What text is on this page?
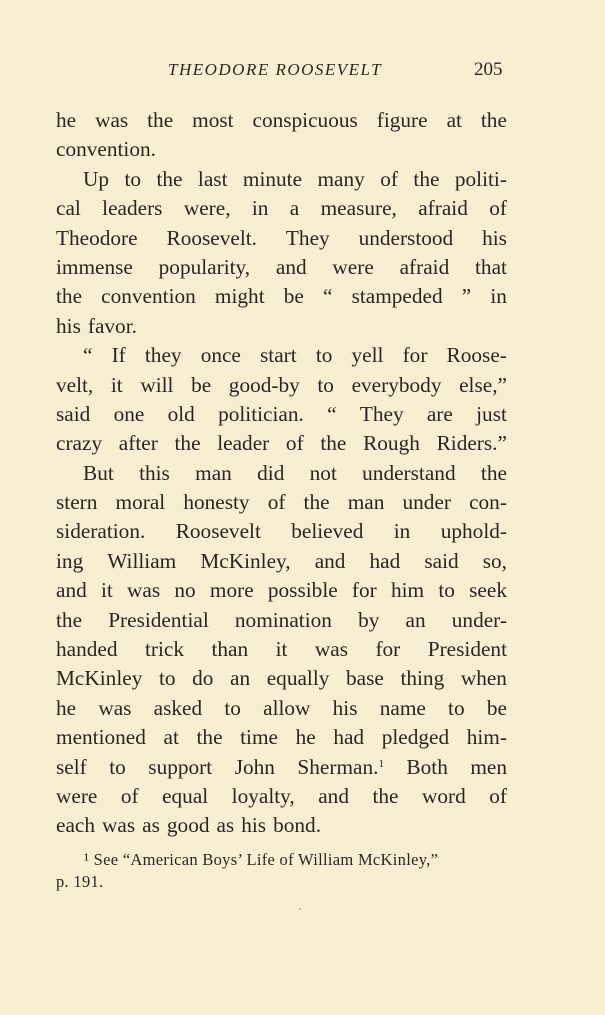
THEODORE ROOSEVELT	205
he was the most conspicuous figure at the
convention.
Up to the last minute many of the politi-
cal leaders were, in a measure, afraid of
Theodore Roosevelt. They understood his
immense popularity, and were afraid that
the convention might be “ stampeded ” in
his favor.
“ If they once start to yell for Roose-
velt, it will be good-by to everybody else,”
said one old politician. “ They are just
crazy after the leader of the Rough Riders.”
But this man did not understand the
stern moral honesty of the man under con-
sideration. Roosevelt believed in uphold-
ing William McKinley, and had said so,
and it was no more possible for him to seek
the Presidential nomination by an under-
handed trick than it was for President
McKinley to do an equally base thing when
he was asked to allow his name to be
mentioned at the time he had pledged him-
self to support John Sherman.$^1$ Both men
were of equal loyalty, and the word of
each was as good as his bond.
¹ See “American Boys’ Life of William McKinley,”
p. 191.
